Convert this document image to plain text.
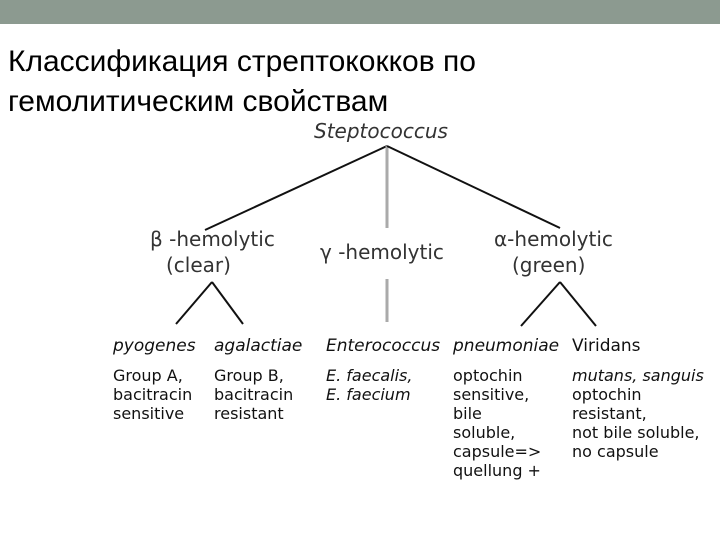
Классификация стрептококков по
гемолитическим свойствам
Steptococcus
β -hemolytic
(clear)
γ -hemolytic
α-hemolytic
(green)
pyogenes agalactiae Enterococcus pneumoniae Viridans
Group A,
bacitracin
sensitive
Group B,
bacitracin
resistant
E. faecalis,
E. faecium
optochin
sensitive,
bile
soluble,
capsule=>
quellung +
mutans, sanguis
optochin
resistant,
not bile soluble,
no capsule
